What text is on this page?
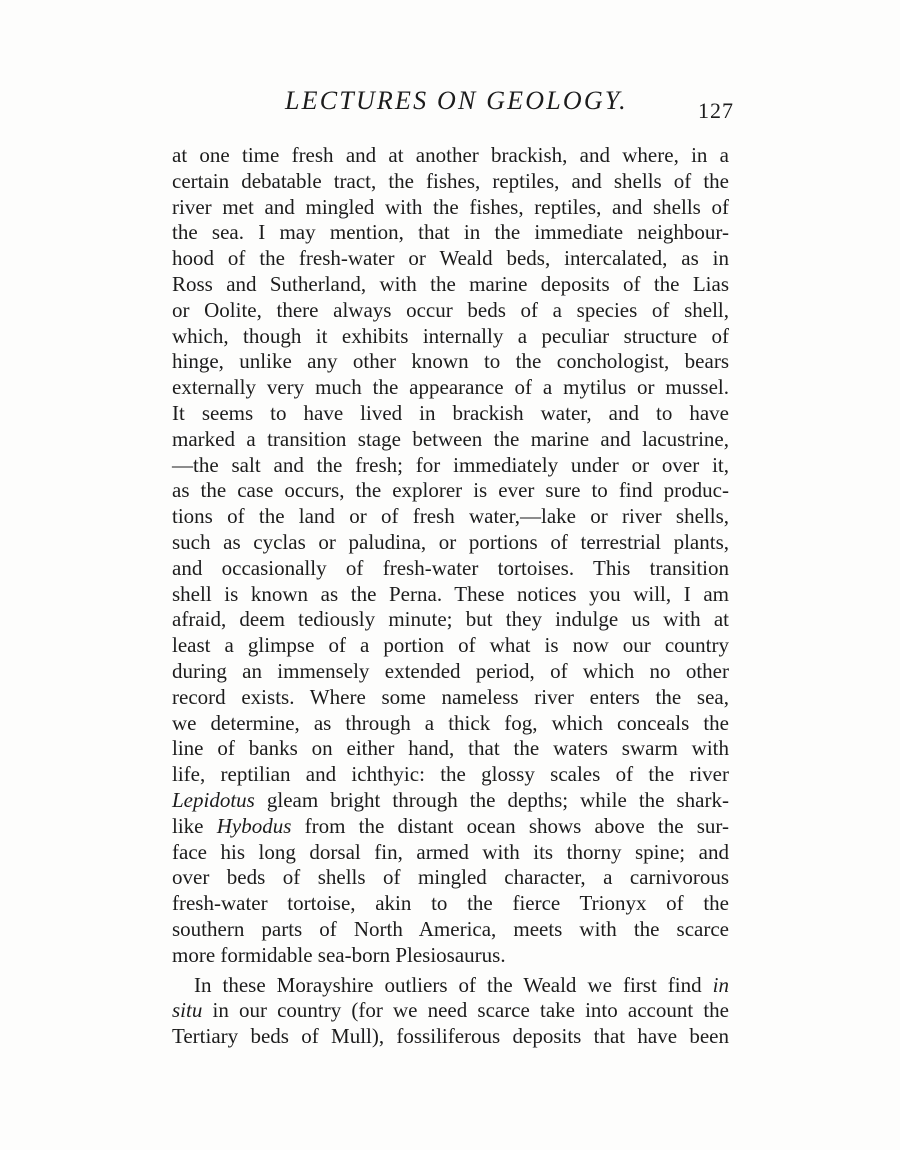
LECTURES ON GEOLOGY.	127
at one time fresh and at another brackish, and where, in a
certain debatable tract, the fishes, reptiles, and shells of the
river met and mingled with the fishes, reptiles, and shells of
the sea. I may mention, that in the immediate neighbour-
hood of the fresh-water or Weald beds, intercalated, as in
Ross and Sutherland, with the marine deposits of the Lias
or Oolite, there always occur beds of a species of shell,
which, though it exhibits internally a peculiar structure of
hinge, unlike any other known to the conchologist, bears
externally very much the appearance of a mytilus or mussel.
It seems to have lived in brackish water, and to have
marked a transition stage between the marine and lacustrine,
—the salt and the fresh; for immediately under or over it,
as the case occurs, the explorer is ever sure to find produc-
tions of the land or of fresh water,—lake or river shells,
such as cyclas or paludina, or portions of terrestrial plants,
and occasionally of fresh-water tortoises. This transition
shell is known as the Perna. These notices you will, I am
afraid, deem tediously minute; but they indulge us with at
least a glimpse of a portion of what is now our country
during an immensely extended period, of which no other
record exists. Where some nameless river enters the sea,
we determine, as through a thick fog, which conceals the
line of banks on either hand, that the waters swarm with
life, reptilian and ichthyic: the glossy scales of the river
Lepidotus gleam bright through the depths; while the shark-
like Hybodus from the distant ocean shows above the sur-
face his long dorsal fin, armed with its thorny spine; and
over beds of shells of mingled character, a carnivorous
fresh-water tortoise, akin to the fierce Trionyx of the
southern parts of North America, meets with the scarce
more formidable sea-born Plesiosaurus.
In these Morayshire outliers of the Weald we first find in
situ in our country (for we need scarce take into account the
Tertiary beds of Mull), fossiliferous deposits that have been
